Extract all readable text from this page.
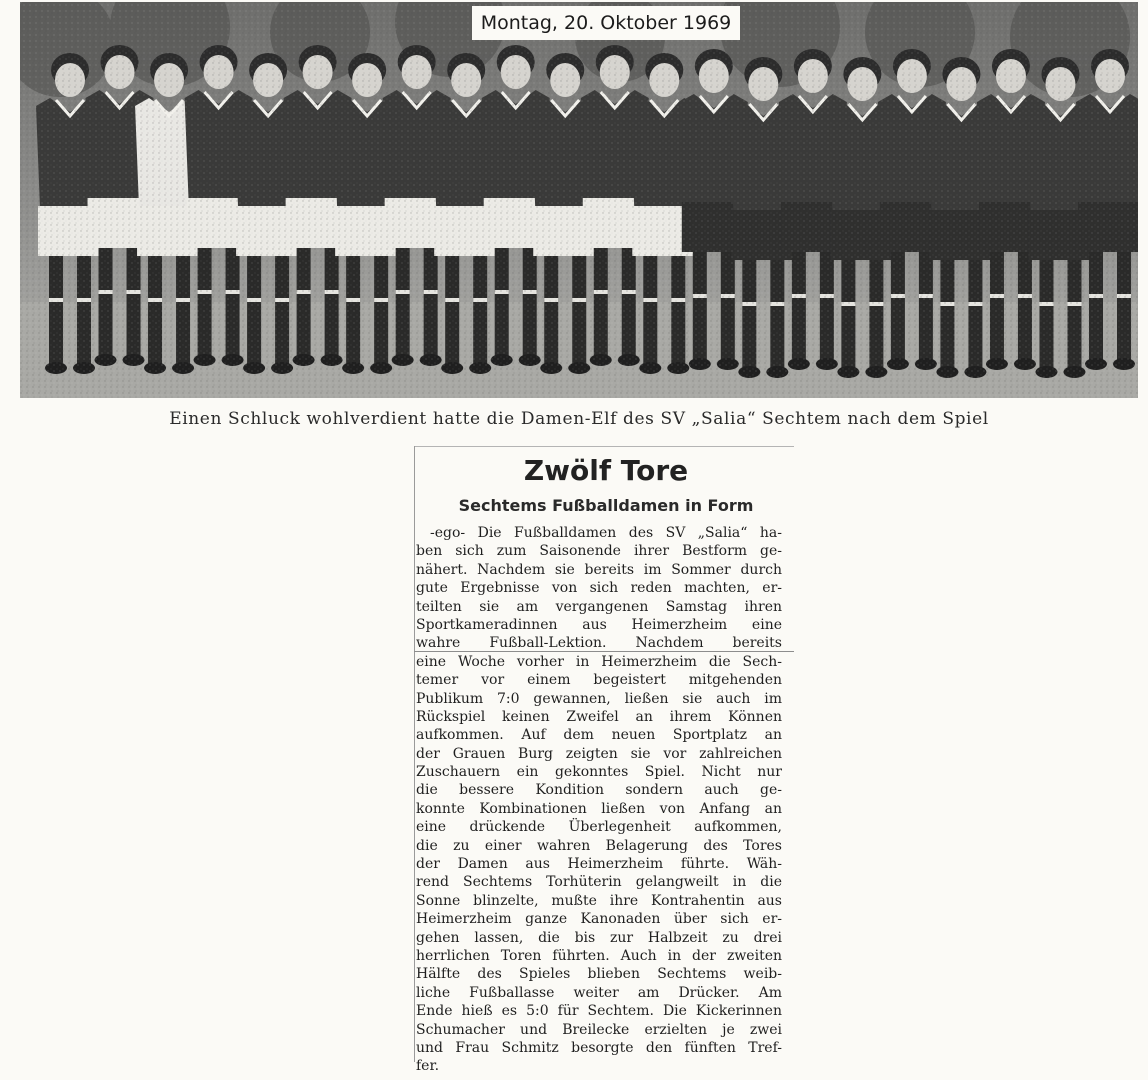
Montag, 20. Oktober 1969
Einen Schluck wohlverdient hatte die Damen-Elf des SV „Salia“ Sechtem nach dem Spiel
Zwölf Tore
Sechtems Fußballdamen in Form
-ego- Die Fußballdamen des SV „Salia“ ha-
ben sich zum Saisonende ihrer Bestform ge-
nähert. Nachdem sie bereits im Sommer durch
gute Ergebnisse von sich reden machten, er-
teilten sie am vergangenen Samstag ihren
Sportkameradinnen aus Heimerzheim eine
wahre Fußball-Lektion. Nachdem bereits
eine Woche vorher in Heimerzheim die Sech-
temer vor einem begeistert mitgehenden
Publikum 7:0 gewannen, ließen sie auch im
Rückspiel keinen Zweifel an ihrem Können
aufkommen. Auf dem neuen Sportplatz an
der Grauen Burg zeigten sie vor zahlreichen
Zuschauern ein gekonntes Spiel. Nicht nur
die bessere Kondition sondern auch ge-
konnte Kombinationen ließen von Anfang an
eine drückende Überlegenheit aufkommen,
die zu einer wahren Belagerung des Tores
der Damen aus Heimerzheim führte. Wäh-
rend Sechtems Torhüterin gelangweilt in die
Sonne blinzelte, mußte ihre Kontrahentin aus
Heimerzheim ganze Kanonaden über sich er-
gehen lassen, die bis zur Halbzeit zu drei
herrlichen Toren führten. Auch in der zweiten
Hälfte des Spieles blieben Sechtems weib-
liche Fußballasse weiter am Drücker. Am
Ende hieß es 5:0 für Sechtem. Die Kickerinnen
Schumacher und Breilecke erzielten je zwei
und Frau Schmitz besorgte den fünften Tref-
fer.
